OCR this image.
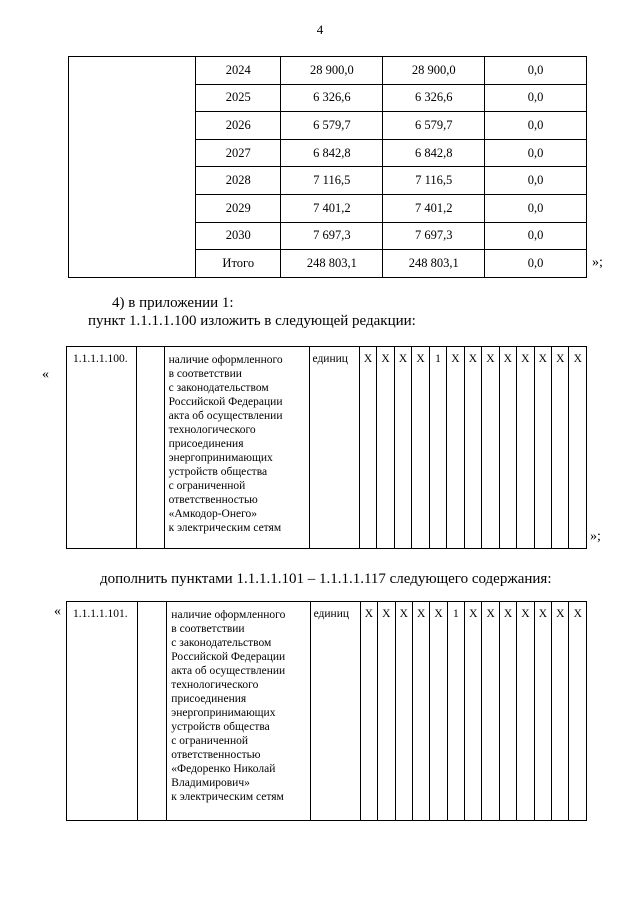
4
	2024	28 900,0	28 900,0	0,0
	2025	6 326,6	6 326,6	0,0
	2026	6 579,7	6 579,7	0,0
	2027	6 842,8	6 842,8	0,0
	2028	7 116,5	7 116,5	0,0
	2029	7 401,2	7 401,2	0,0
	2030	7 697,3	7 697,3	0,0
	Итого	248 803,1	248 803,1	0,0	»;
4) в приложении 1:
пункт 1.1.1.1.100 изложить в следующей редакции:
«
1.1.1.1.100.		наличие оформленного
в соответствии
с законодательством
Российской Федерации
акта об осуществлении
технологического
присоединения
энергопринимающих
устройств общества
с ограниченной
ответственностью
«Амкодор-Онего»
к электрическим сетям	единиц	X	X	X	X	1	X	X	X	X	X	X	X	X
»;
дополнить пунктами 1.1.1.1.101 – 1.1.1.1.117 следующего содержания:
« 1.1.1.1.101.		наличие оформленного
в соответствии
с законодательством
Российской Федерации
акта об осуществлении
технологического
присоединения
энергопринимающих
устройств общества
с ограниченной
ответственностью
«Федоренко Николай
Владимирович»
к электрическим сетям	единиц	X	X	X	X	X	1	X	X	X	X	X	X	X
